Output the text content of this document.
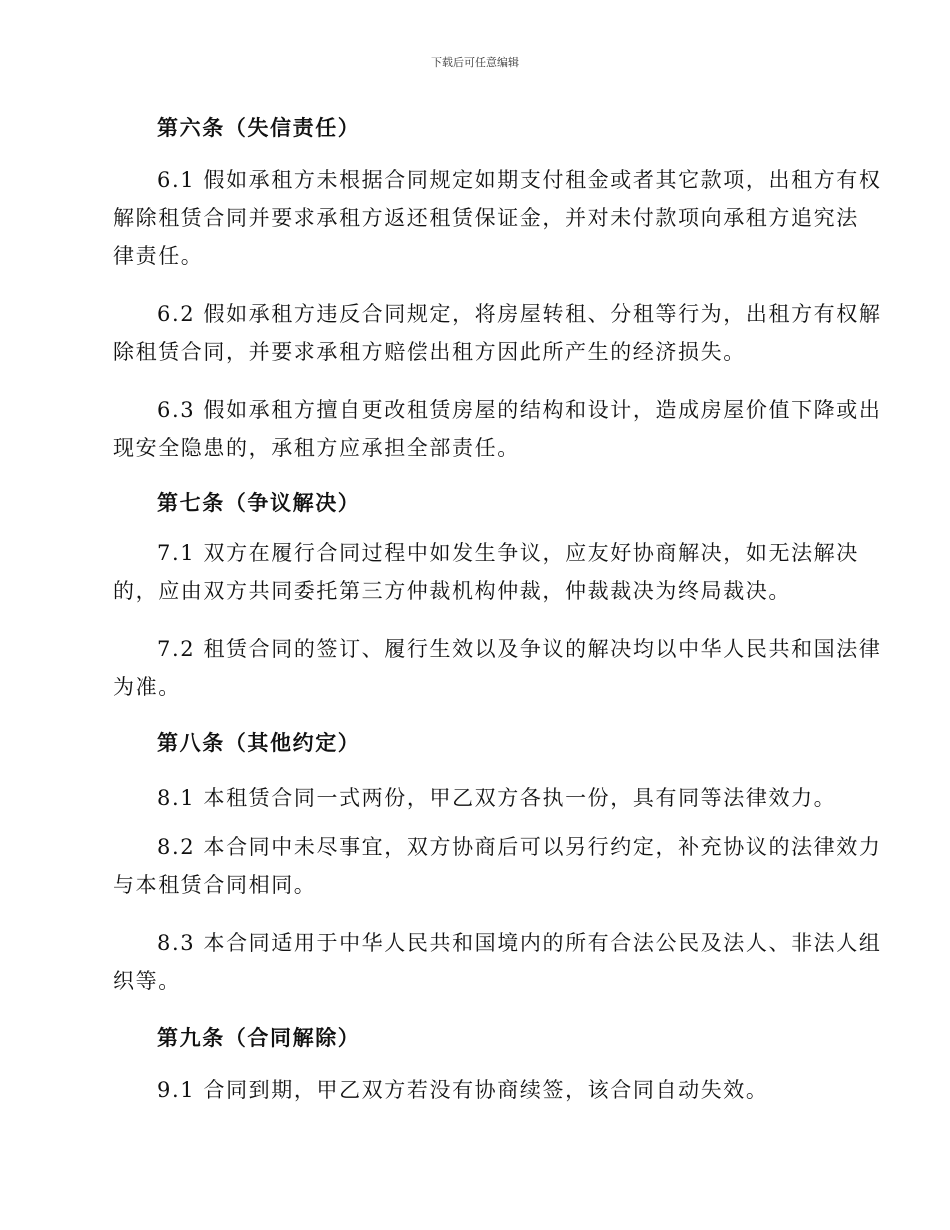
下载后可任意编辑
第六条（失信责任）
6.1 假如承租方未根据合同规定如期支付租金或者其它款项，出租方有权
解除租赁合同并要求承租方返还租赁保证金，并对未付款项向承租方追究法
律责任。
6.2 假如承租方违反合同规定，将房屋转租、分租等行为，出租方有权解
除租赁合同，并要求承租方赔偿出租方因此所产生的经济损失。
6.3 假如承租方擅自更改租赁房屋的结构和设计，造成房屋价值下降或出
现安全隐患的，承租方应承担全部责任。
第七条（争议解决）
7.1 双方在履行合同过程中如发生争议，应友好协商解决，如无法解决
的，应由双方共同委托第三方仲裁机构仲裁，仲裁裁决为终局裁决。
7.2 租赁合同的签订、履行生效以及争议的解决均以中华人民共和国法律
为准。
第八条（其他约定）
8.1 本租赁合同一式两份，甲乙双方各执一份，具有同等法律效力。
8.2 本合同中未尽事宜，双方协商后可以另行约定，补充协议的法律效力
与本租赁合同相同。
8.3 本合同适用于中华人民共和国境内的所有合法公民及法人、非法人组
织等。
第九条（合同解除）
9.1 合同到期，甲乙双方若没有协商续签，该合同自动失效。
